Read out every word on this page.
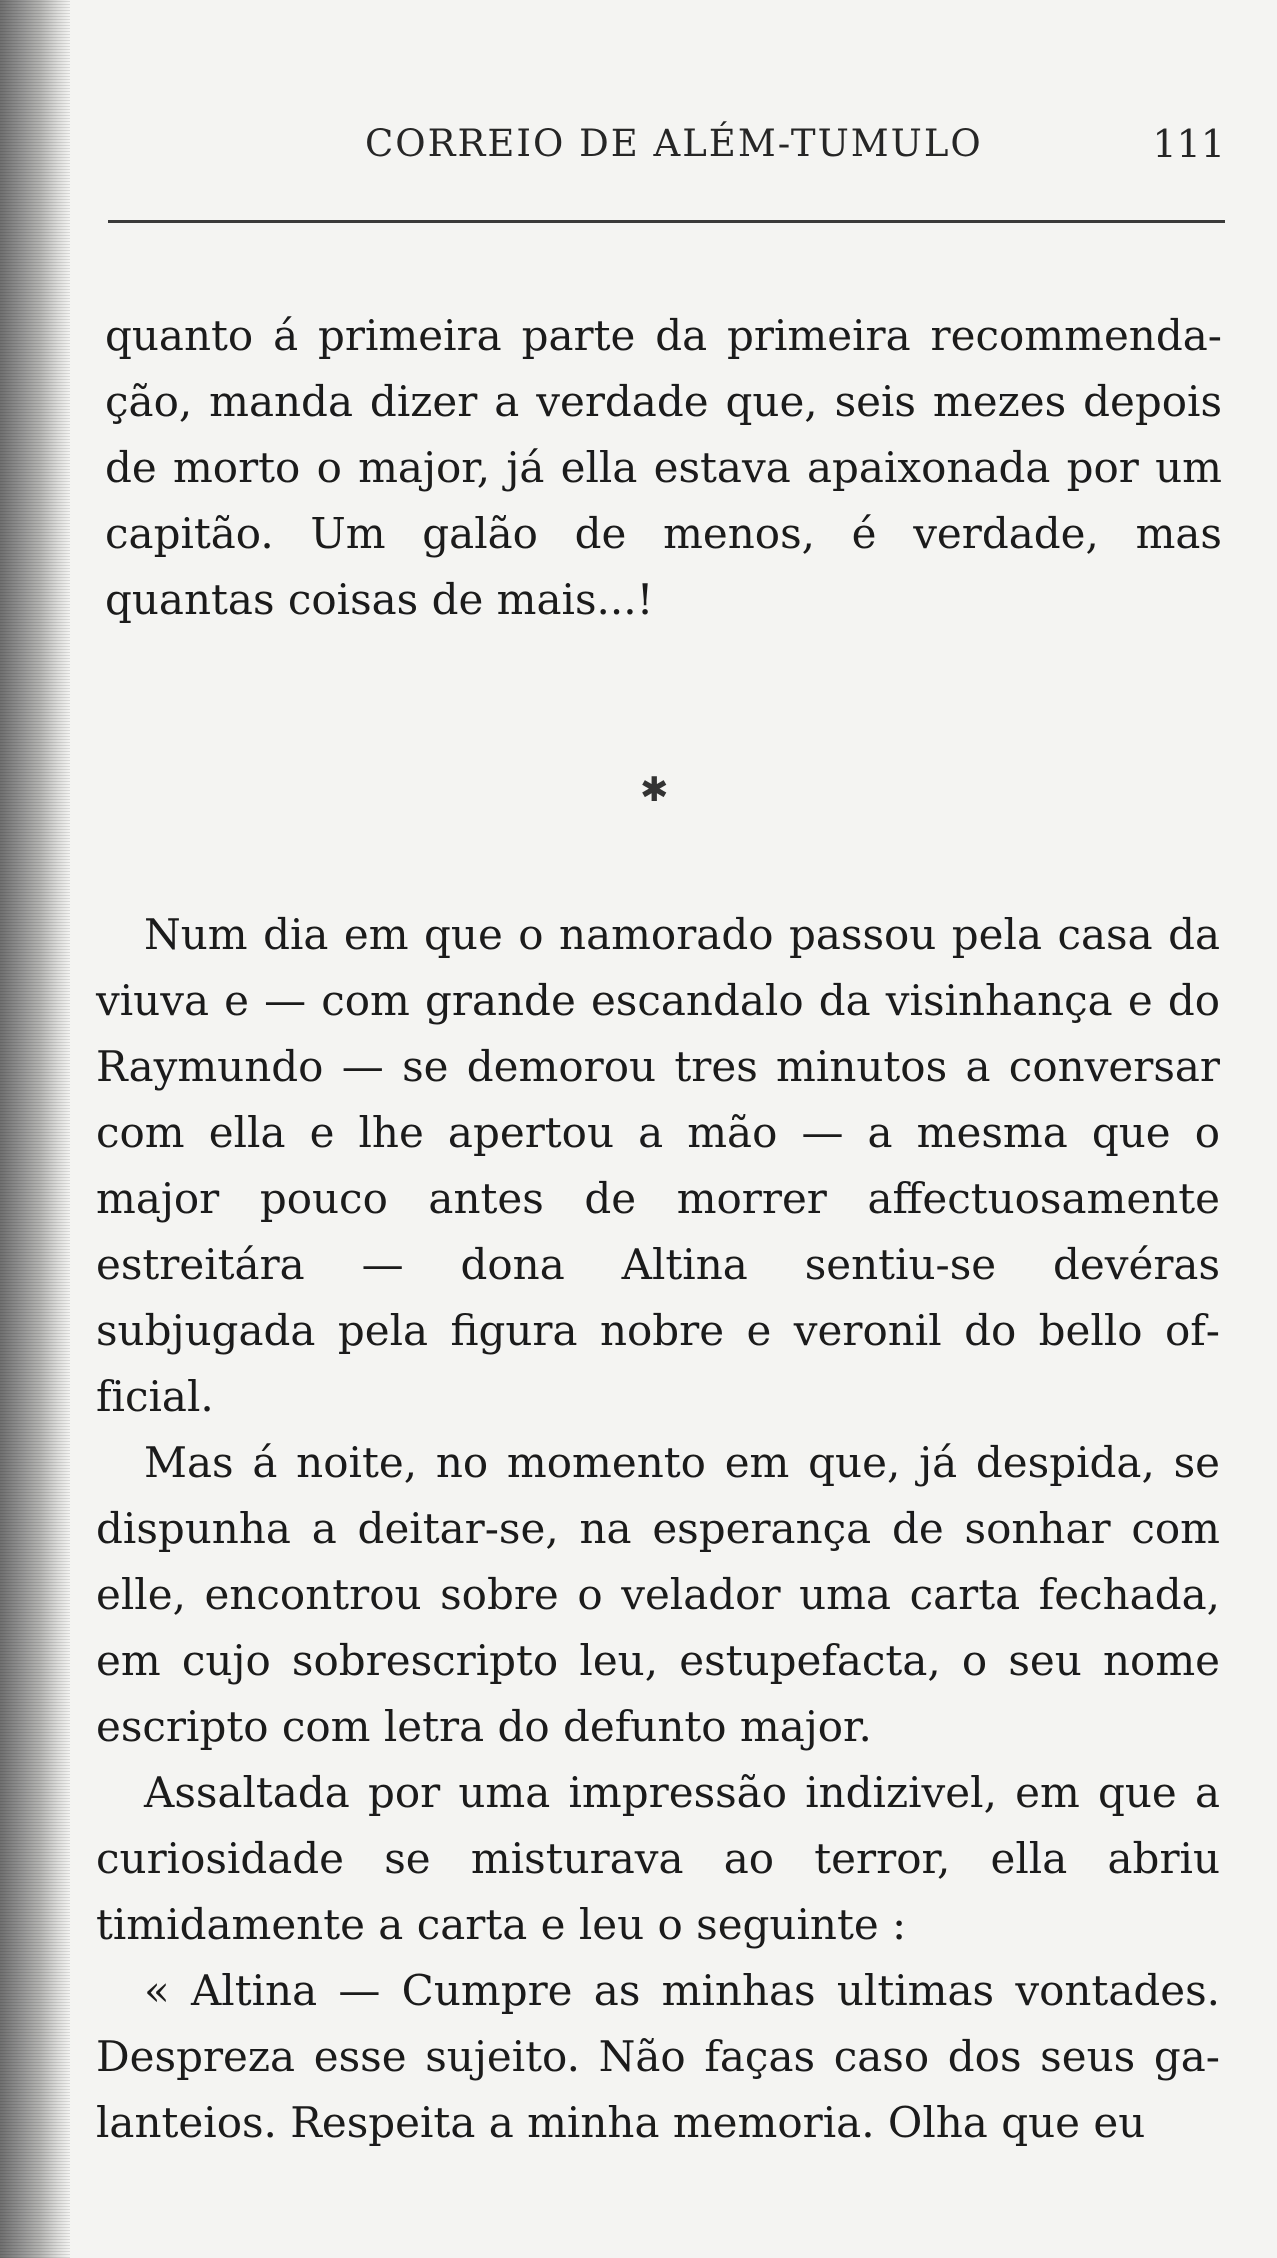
CORREIO DE ALÉM-TUMULO	111

quanto á primeira parte da primeira recommendação, manda dizer a verdade que, seis mezes depois de morto o major, já ella estava apaixonada por um capitão. Um galão de menos, é verdade, mas quantas coisas de mais...!

✱

Num dia em que o namorado passou pela casa da viuva e — com grande escandalo da visinhança e do Raymundo — se demorou tres minutos a conversar com ella e lhe apertou a mão — a mesma que o major pouco antes de morrer affectuosamente estreitára — dona Altina sentiu-se devéras subjugada pela figura nobre e veronil do bello official.

Mas á noite, no momento em que, já despida, se dispunha a deitar-se, na esperança de sonhar com elle, encontrou sobre o velador uma carta fechada, em cujo sobrescripto leu, estupefacta, o seu nome escripto com letra do defunto major.

Assaltada por uma impressão indizivel, em que a curiosidade se misturava ao terror, ella abriu timidamente a carta e leu o seguinte :

« Altina — Cumpre as minhas ultimas vontades. Despreza esse sujeito. Não faças caso dos seus galanteios. Respeita a minha memoria. Olha que eu
